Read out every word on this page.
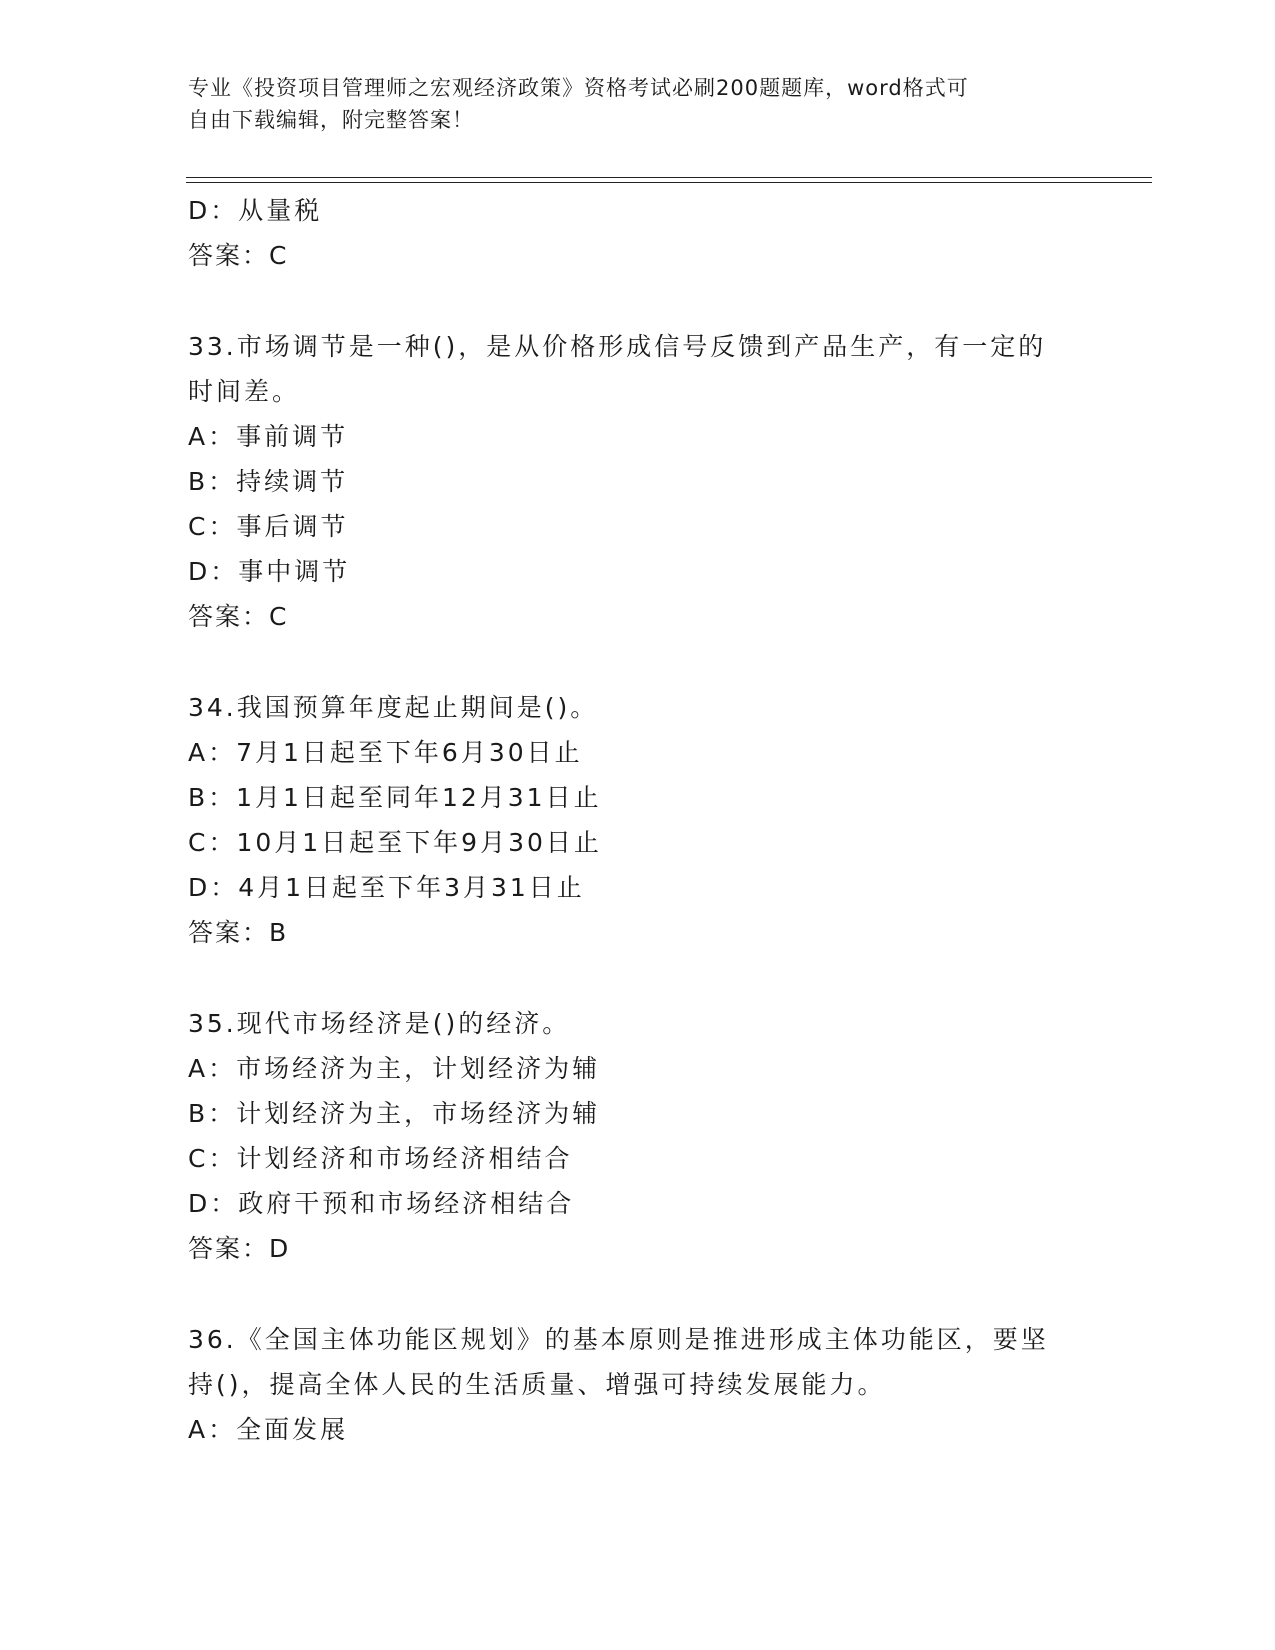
专业《投资项目管理师之宏观经济政策》资格考试必刷200题题库，word格式可
自由下载编辑，附完整答案！
D：从量税
答案：C
33.市场调节是一种()，是从价格形成信号反馈到产品生产，有一定的
时间差。
A：事前调节
B：持续调节
C：事后调节
D：事中调节
答案：C
34.我国预算年度起止期间是()。
A：7月1日起至下年6月30日止
B：1月1日起至同年12月31日止
C：10月1日起至下年9月30日止
D：4月1日起至下年3月31日止
答案：B
35.现代市场经济是()的经济。
A：市场经济为主，计划经济为辅
B：计划经济为主，市场经济为辅
C：计划经济和市场经济相结合
D：政府干预和市场经济相结合
答案：D
36.《全国主体功能区规划》的基本原则是推进形成主体功能区，要坚
持()，提高全体人民的生活质量、增强可持续发展能力。
A：全面发展
